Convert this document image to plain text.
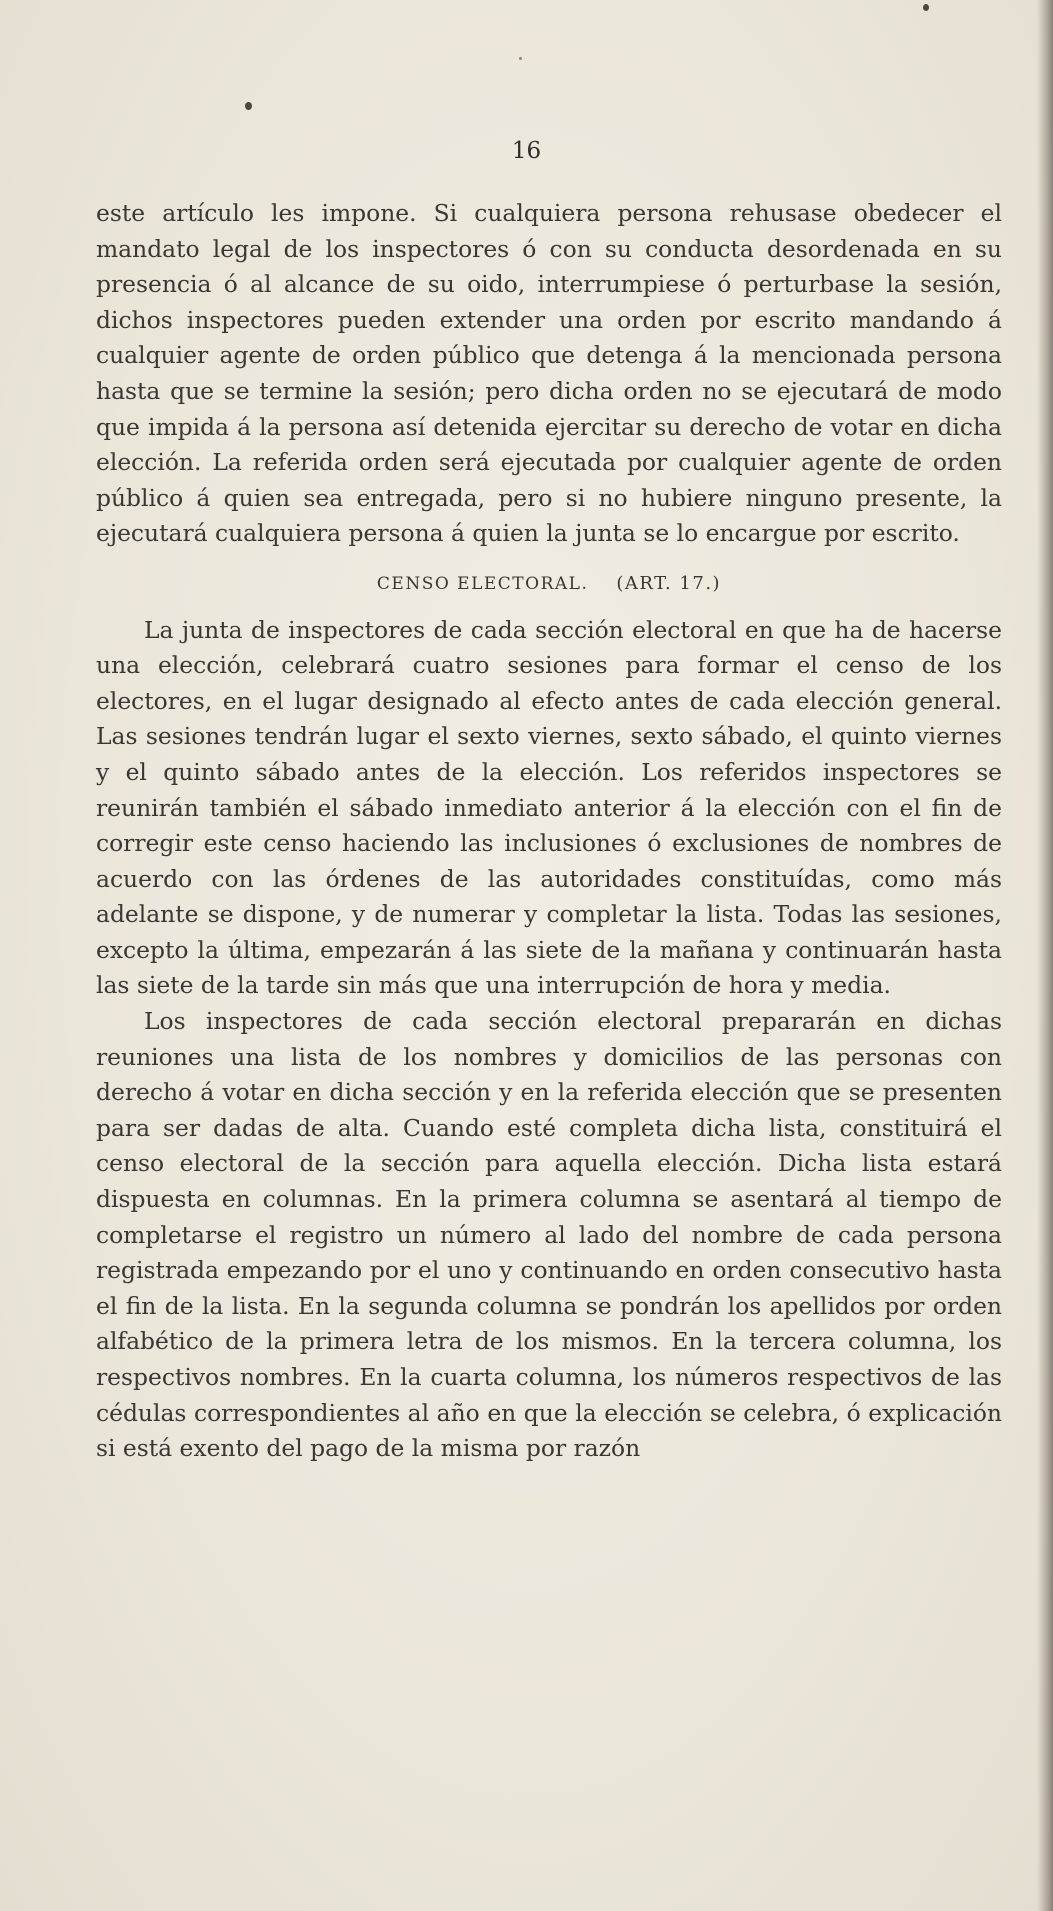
16

este artículo les impone. Si cualquiera persona rehusase obedecer el mandato legal de los inspectores ó con su conducta desordenada en su presencia ó al alcance de su oido, interrumpiese ó perturbase la sesión, dichos inspectores pueden extender una orden por escrito mandando á cualquier agente de orden público que detenga á la mencionada persona hasta que se termine la sesión; pero dicha orden no se ejecutará de modo que impida á la persona así detenida ejercitar su derecho de votar en dicha elección. La referida orden será ejecutada por cualquier agente de orden público á quien sea entregada, pero si no hubiere ninguno presente, la ejecutará cualquiera persona á quien la junta se lo encargue por escrito.

CENSO ELECTORAL. (ART. 17.)

La junta de inspectores de cada sección electoral en que ha de hacerse una elección, celebrará cuatro sesiones para formar el censo de los electores, en el lugar designado al efecto antes de cada elección general. Las sesiones tendrán lugar el sexto viernes, sexto sábado, el quinto viernes y el quinto sábado antes de la elección. Los referidos inspectores se reunirán también el sábado inmediato anterior á la elección con el fin de corregir este censo haciendo las inclusiones ó exclusiones de nombres de acuerdo con las órdenes de las autoridades constituídas, como más adelante se dispone, y de numerar y completar la lista. Todas las sesiones, excepto la última, empezarán á las siete de la mañana y continuarán hasta las siete de la tarde sin más que una interrupción de hora y media.

Los inspectores de cada sección electoral prepararán en dichas reuniones una lista de los nombres y domicilios de las personas con derecho á votar en dicha sección y en la referida elección que se presenten para ser dadas de alta. Cuando esté completa dicha lista, constituirá el censo electoral de la sección para aquella elección. Dicha lista estará dispuesta en columnas. En la primera columna se asentará al tiempo de completarse el registro un número al lado del nombre de cada persona registrada empezando por el uno y continuando en orden consecutivo hasta el fin de la lista. En la segunda columna se pondrán los apellidos por orden alfabético de la primera letra de los mismos. En la tercera columna, los respectivos nombres. En la cuarta columna, los números respectivos de las cédulas correspondientes al año en que la elección se celebra, ó explicación si está exento del pago de la misma por razón
